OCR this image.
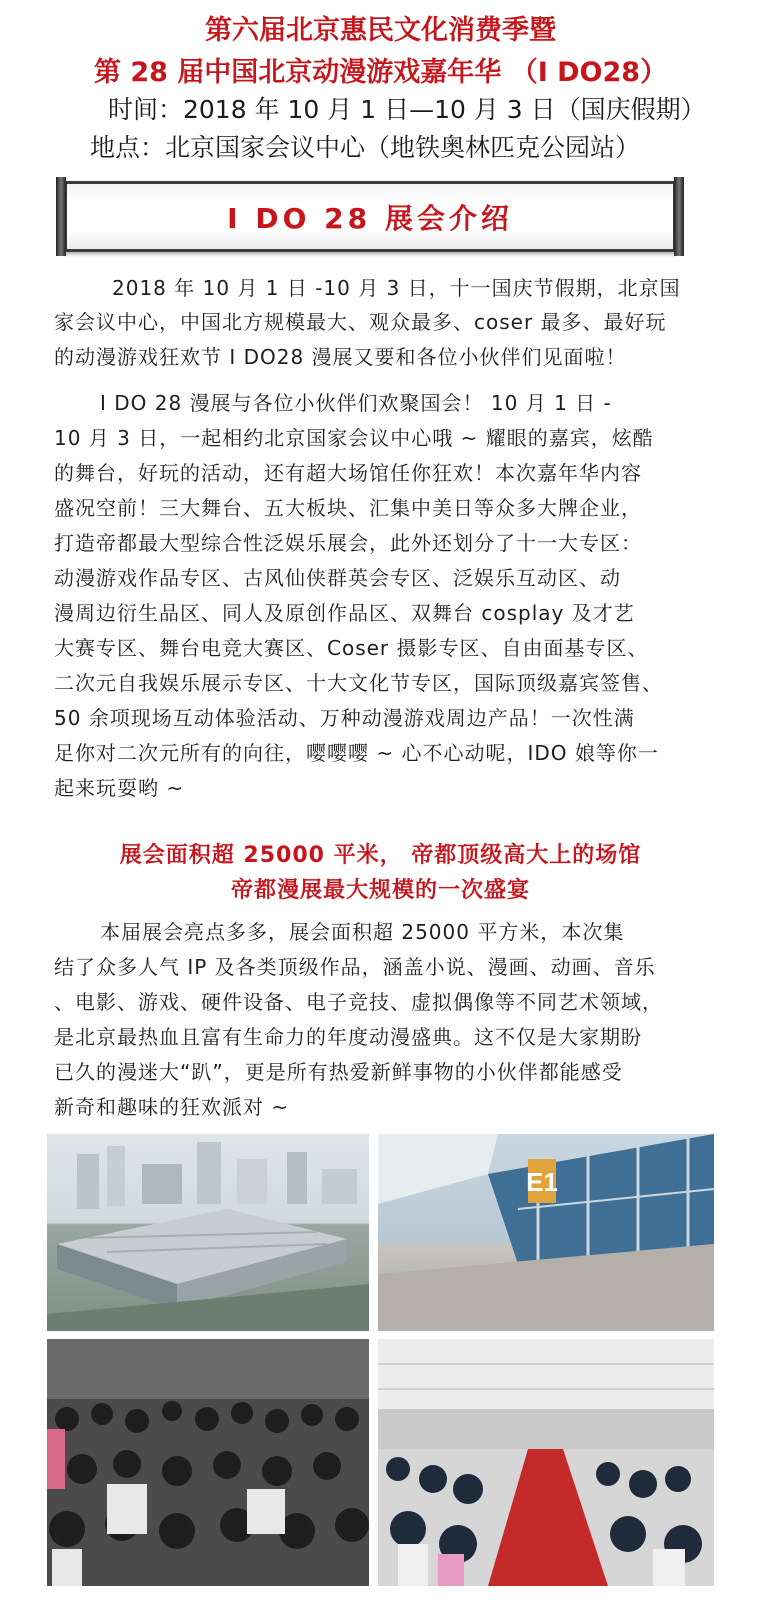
第六届北京惠民文化消费季暨
第 28 届中国北京动漫游戏嘉年华 （I DO28）
时间：2018 年 10 月 1 日—10 月 3 日（国庆假期）
地点：北京国家会议中心（地铁奥林匹克公园站）
I DO 28 展会介绍
2018 年 10 月 1 日 -10 月 3 日，十一国庆节假期，北京国
家会议中心，中国北方规模最大、观众最多、coser 最多、最好玩
的动漫游戏狂欢节 I DO28 漫展又要和各位小伙伴们见面啦！
I DO 28 漫展与各位小伙伴们欢聚国会！ 10 月 1 日 -
10 月 3 日，一起相约北京国家会议中心哦 ~ 耀眼的嘉宾，炫酷
的舞台，好玩的活动，还有超大场馆任你狂欢！本次嘉年华内容
盛况空前！三大舞台、五大板块、汇集中美日等众多大牌企业，
打造帝都最大型综合性泛娱乐展会，此外还划分了十一大专区：
动漫游戏作品专区、古风仙侠群英会专区、泛娱乐互动区、动
漫周边衍生品区、同人及原创作品区、双舞台 cosplay 及才艺
大赛专区、舞台电竞大赛区、Coser 摄影专区、自由面基专区、
二次元自我娱乐展示专区、十大文化节专区，国际顶级嘉宾签售、
50 余项现场互动体验活动、万种动漫游戏周边产品！一次性满
足你对二次元所有的向往，嘤嘤嘤 ~ 心不心动呢，IDO 娘等你一
起来玩耍哟 ~
展会面积超 25000 平米， 帝都顶级高大上的场馆
帝都漫展最大规模的一次盛宴
本届展会亮点多多，展会面积超 25000 平方米，本次集
结了众多人气 IP 及各类顶级作品，涵盖小说、漫画、动画、音乐
、电影、游戏、硬件设备、电子竞技、虚拟偶像等不同艺术领域，
是北京最热血且富有生命力的年度动漫盛典。这不仅是大家期盼
已久的漫迷大“趴”，更是所有热爱新鲜事物的小伙伴都能感受
新奇和趣味的狂欢派对 ~
E1
